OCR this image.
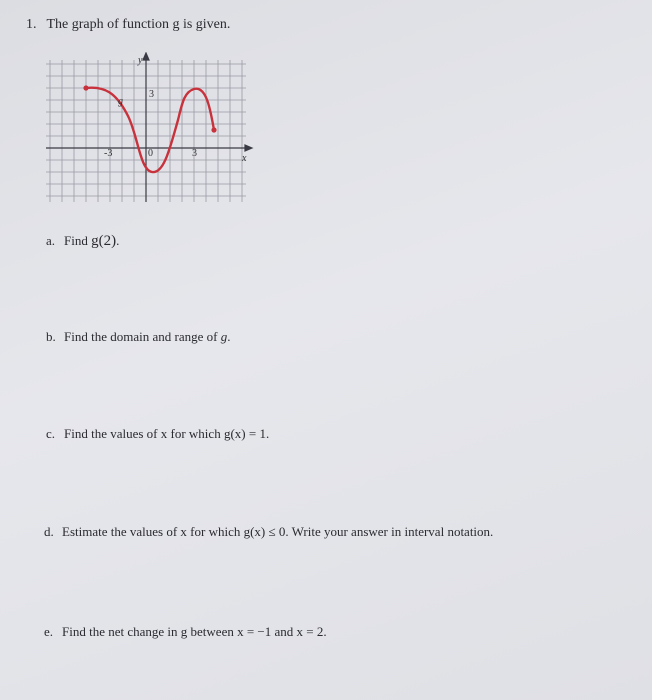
1. The graph of function g is given.
y
x
g
-3	0	3
3
a. Find g(2).
b. Find the domain and range of g.
c. Find the values of x for which g(x) = 1.
d. Estimate the values of x for which g(x) ≤ 0. Write your answer in interval notation.
e. Find the net change in g between x = −1 and x = 2.
